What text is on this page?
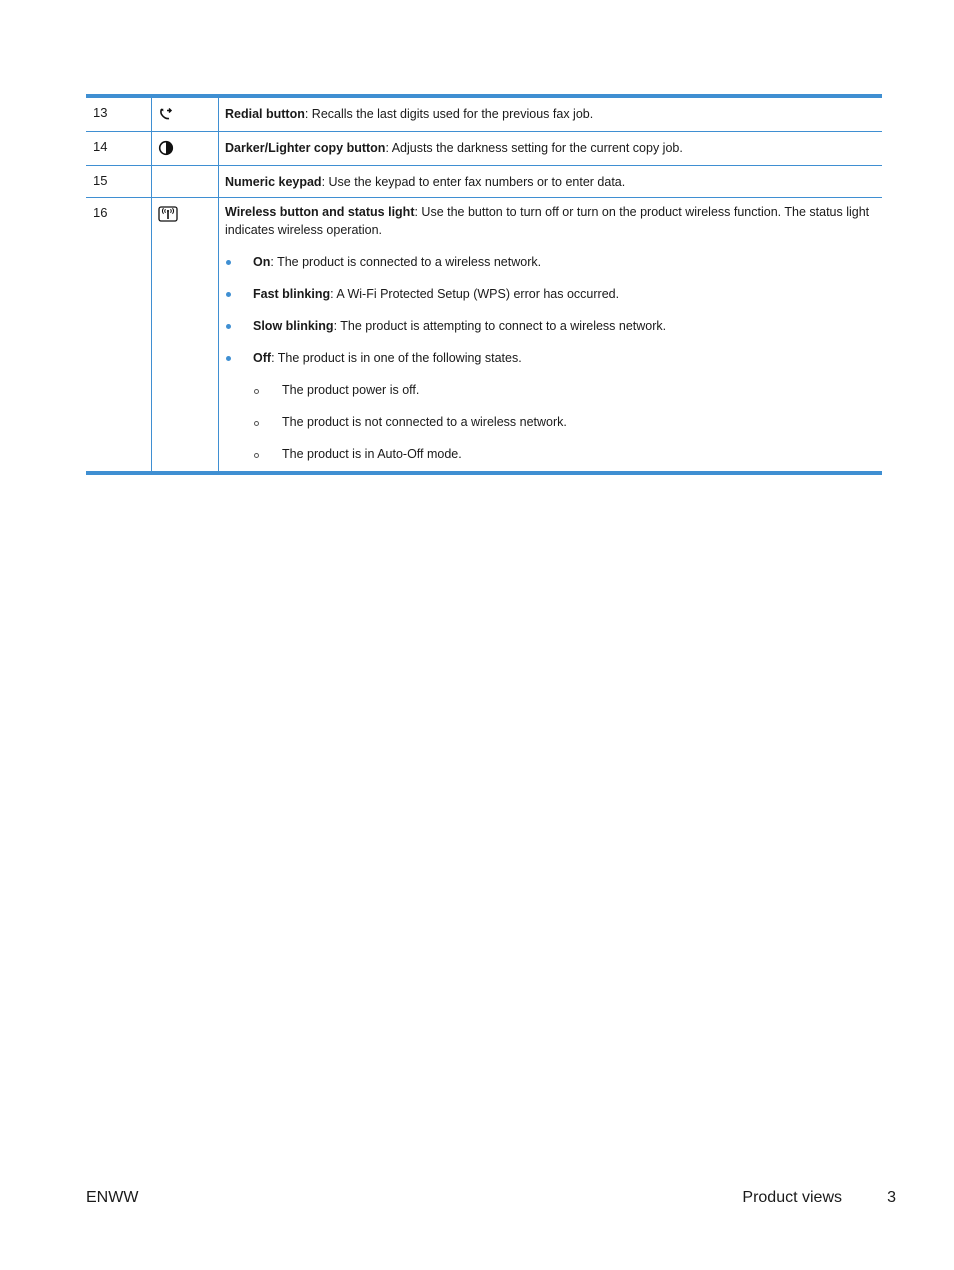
13	Redial button: Recalls the last digits used for the previous fax job.
14	Darker/Lighter copy button: Adjusts the darkness setting for the current copy job.
15	Numeric keypad: Use the keypad to enter fax numbers or to enter data.
16	Wireless button and status light: Use the button to turn off or turn on the product wireless function. The status light indicates wireless operation.
On: The product is connected to a wireless network.
Fast blinking: A Wi-Fi Protected Setup (WPS) error has occurred.
Slow blinking: The product is attempting to connect to a wireless network.
Off: The product is in one of the following states.
The product power is off.
The product is not connected to a wireless network.
The product is in Auto-Off mode.
ENWW	Product views	3
